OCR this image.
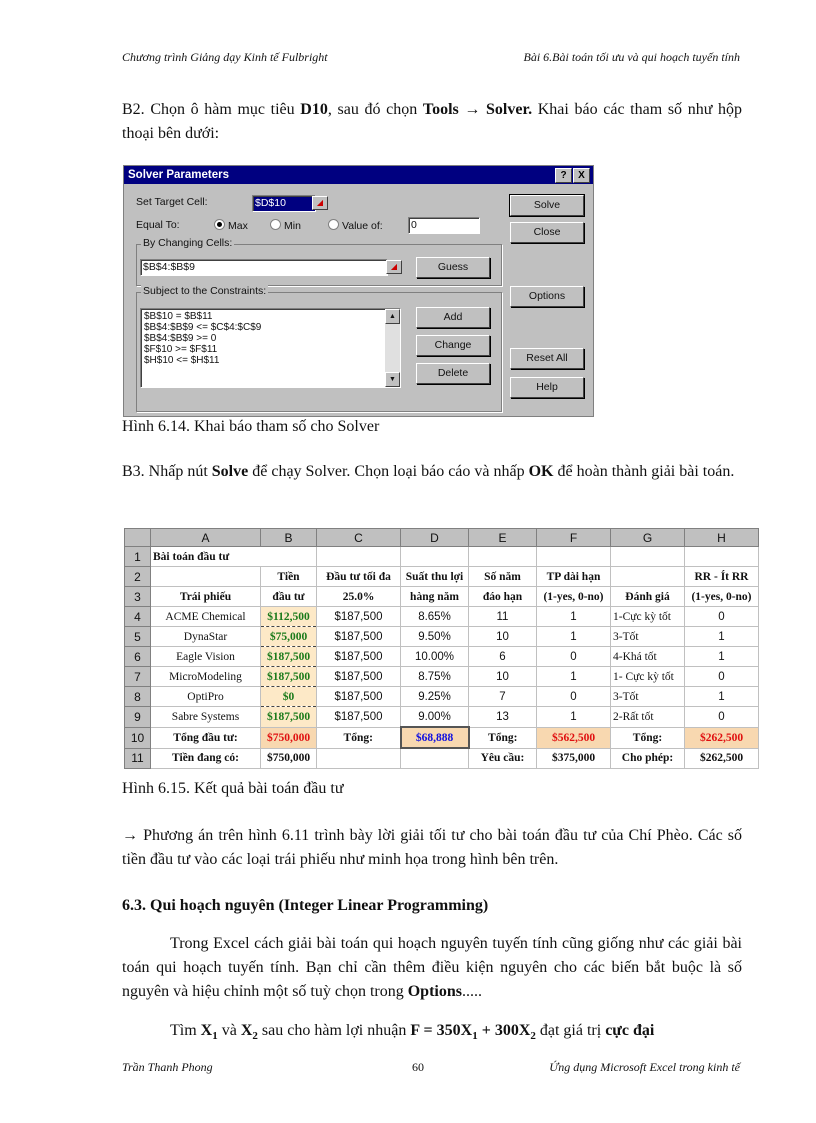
Chương trình Giảng dạy Kinh tế Fulbright	Bài 6.Bài toán tối ưu và qui hoạch tuyến tính
B2. Chọn ô hàm mục tiêu D10, sau đó chọn Tools → Solver. Khai báo các tham số như hộp thoại bên dưới:
Solver Parameters	?	X
Set Target Cell:	$D$10	◢
Equal To:	Max	Min	Value of:	0
By Changing Cells:
$B$4:$B$9	◢	Guess
Subject to the Constraints:
$B$10 = $B$11
$B$4:$B$9 <= $C$4:$C$9
$B$4:$B$9 >= 0
$F$10 >= $F$11
$H$10 <= $H$11
▲
▼
Add
Change
Delete
Solve
Close
Options
Reset All
Help
Hình 6.14. Khai báo tham số cho Solver
B3. Nhấp nút Solve để chạy Solver. Chọn loại báo cáo và nhấp OK để hoàn thành giải bài toán.
	A	B	C	D	E	F	G	H
1	Bài toán đầu tư							
2		Tiền	Đầu tư tối đa	Suất thu lợi	Số năm	TP dài hạn		RR - Ít RR
3	Trái phiếu	đầu tư	25.0%	hàng năm	đáo hạn	(1-yes, 0-no)	Đánh giá	(1-yes, 0-no)
4	ACME Chemical	$112,500	$187,500	8.65%	11	1	1-Cực kỳ tốt	0
5	DynaStar	$75,000	$187,500	9.50%	10	1	3-Tốt	1
6	Eagle Vision	$187,500	$187,500	10.00%	6	0	4-Khá tốt	1
7	MicroModeling	$187,500	$187,500	8.75%	10	1	1- Cực kỳ tốt	0
8	OptiPro	$0	$187,500	9.25%	7	0	3-Tốt	1
9	Sabre Systems	$187,500	$187,500	9.00%	13	1	2-Rất tốt	0
10	Tổng đầu tư:	$750,000	Tổng:	$68,888	Tổng:	$562,500	Tổng:	$262,500
11	Tiền đang có:	$750,000			Yêu cầu:	$375,000	Cho phép:	$262,500
Hình 6.15. Kết quả bài toán đầu tư
→ Phương án trên hình 6.11 trình bày lời giải tối tư cho bài toán đầu tư của Chí Phèo. Các số tiền đầu tư vào các loại trái phiếu như minh họa trong hình bên trên.
6.3. Qui hoạch nguyên (Integer Linear Programming)
Trong Excel cách giải bài toán qui hoạch nguyên tuyến tính cũng giống như các giải bài toán qui hoạch tuyến tính. Bạn chỉ cần thêm điều kiện nguyên cho các biến bắt buộc là số nguyên và hiệu chỉnh một số tuỳ chọn trong Options.....
Tìm $X_1$ và $X_2$ sau cho hàm lợi nhuận $F = 350X_1 + 300X_2$ đạt giá trị cực đại
Trần Thanh Phong	60	Ứng dụng Microsoft Excel trong kinh tế
